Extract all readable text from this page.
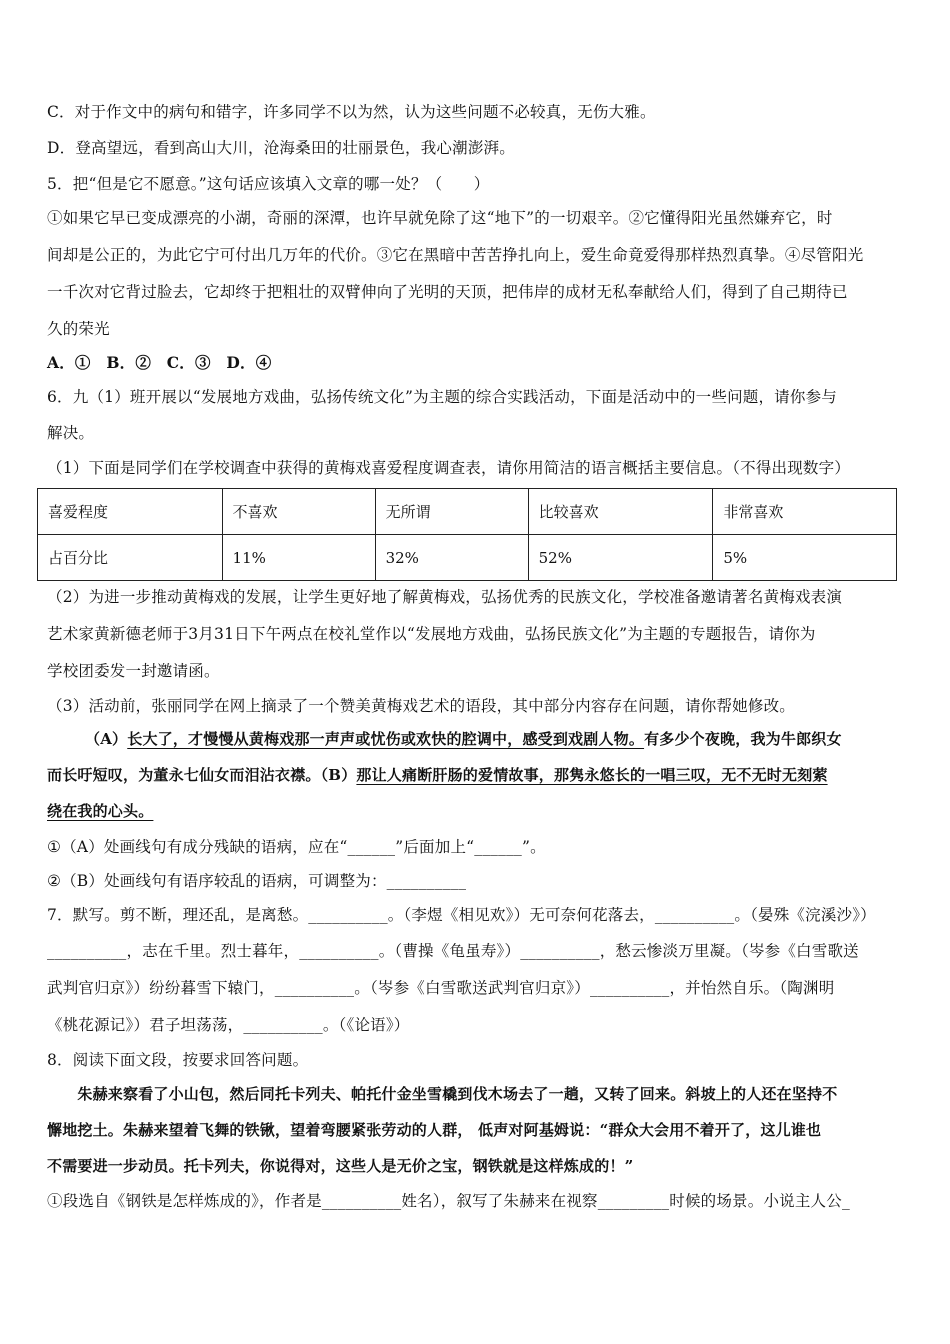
C．对于作文中的病句和错字，许多同学不以为然，认为这些问题不必较真，无伤大雅。
D．登高望远，看到高山大川，沧海桑田的壮丽景色，我心潮澎湃。
5．把“但是它不愿意。”这句话应该填入文章的哪一处？（　　）
①如果它早已变成漂亮的小湖，奇丽的深潭，也许早就免除了这“地下”的一切艰辛。②它懂得阳光虽然嫌弃它，时
间却是公正的，为此它宁可付出几万年的代价。③它在黑暗中苦苦挣扎向上，爱生命竟爱得那样热烈真挚。④尽管阳光
一千次对它背过脸去，它却终于把粗壮的双臂伸向了光明的天顶，把伟岸的成材无私奉献给人们，得到了自己期待已
久的荣光
A．①　B．②　C．③　D．④
6．九（1）班开展以“发展地方戏曲，弘扬传统文化”为主题的综合实践活动，下面是活动中的一些问题，请你参与
解决。
（1）下面是同学们在学校调查中获得的黄梅戏喜爱程度调查表，请你用简洁的语言概括主要信息。（不得出现数字）
喜爱程度	不喜欢	无所谓	比较喜欢	非常喜欢
占百分比	11%	32%	52%	5%
（2）为进一步推动黄梅戏的发展，让学生更好地了解黄梅戏，弘扬优秀的民族文化，学校准备邀请著名黄梅戏表演
艺术家黄新德老师于3月31日下午两点在校礼堂作以“发展地方戏曲，弘扬民族文化”为主题的专题报告，请你为
学校团委发一封邀请函。
（3）活动前，张丽同学在网上摘录了一个赞美黄梅戏艺术的语段，其中部分内容存在问题，请你帮她修改。
（A）长大了，才慢慢从黄梅戏那一声声或忧伤或欢快的腔调中，感受到戏剧人物。有多少个夜晚，我为牛郎织女
而长吁短叹，为董永七仙女而泪沾衣襟。（B）那让人痛断肝肠的爱情故事，那隽永悠长的一唱三叹，无不无时无刻萦
绕在我的心头。
①（A）处画线句有成分残缺的语病，应在“______”后面加上“______”。
②（B）处画线句有语序较乱的语病，可调整为：__________
7．默写。剪不断，理还乱，是离愁。__________。（李煜《相见欢》）无可奈何花落去，__________。（晏殊《浣溪沙》）
__________，志在千里。烈士暮年，__________。（曹操《龟虽寿》）__________，愁云惨淡万里凝。（岑参《白雪歌送
武判官归京》）纷纷暮雪下辕门，__________。（岑参《白雪歌送武判官归京》）__________，并怡然自乐。（陶渊明
《桃花源记》）君子坦荡荡，__________。（《论语》）
8．阅读下面文段，按要求回答问题。
　　朱赫来察看了小山包，然后同托卡列夫、帕托什金坐雪橇到伐木场去了一趟，又转了回来。斜坡上的人还在坚持不
懈地挖土。朱赫来望着飞舞的铁锹，望着弯腰紧张劳动的人群， 低声对阿基姆说：“群众大会用不着开了，这儿谁也
不需要进一步动员。托卡列夫，你说得对，这些人是无价之宝，钢铁就是这样炼成的！”
①段选自《钢铁是怎样炼成的》，作者是__________姓名），叙写了朱赫来在视察_________时候的场景。小说主人公_
